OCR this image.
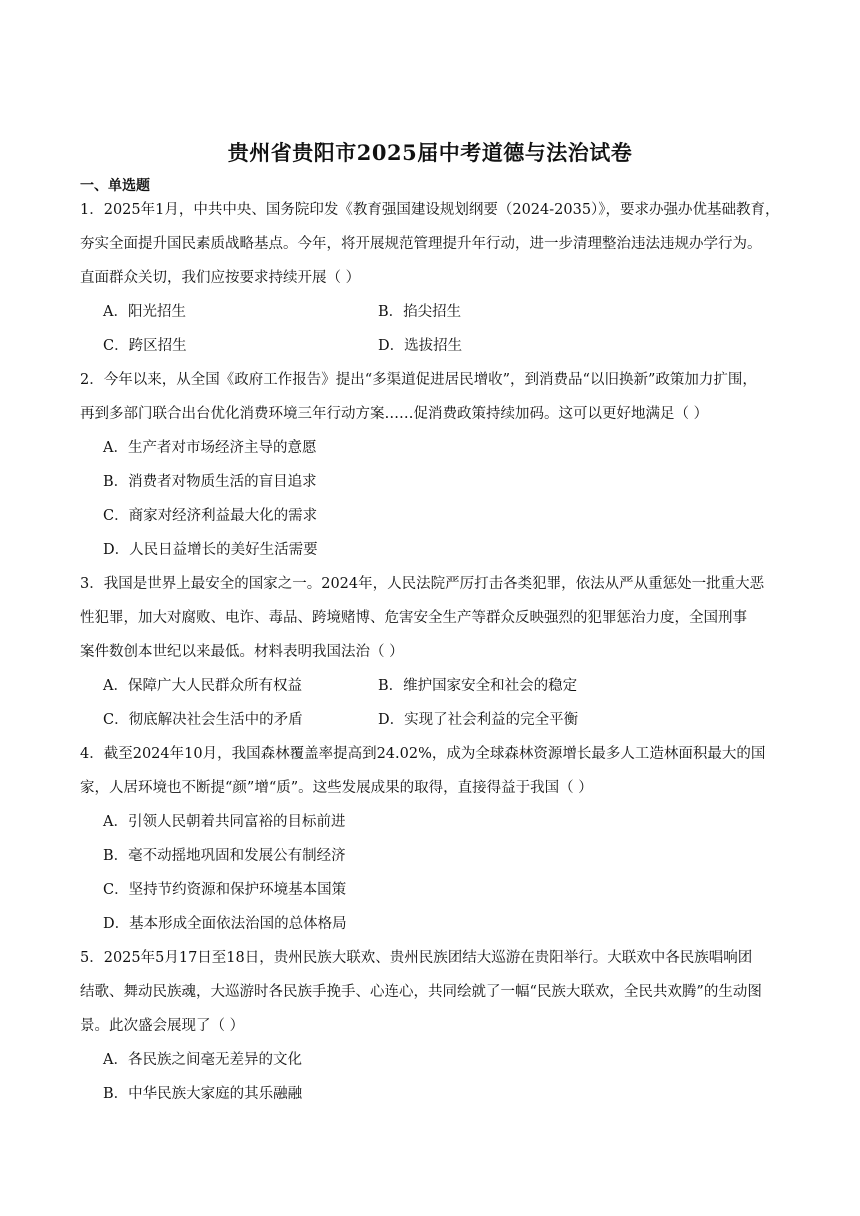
贵州省贵阳市2025届中考道德与法治试卷
一、单选题
1．2025年1月，中共中央、国务院印发《教育强国建设规划纲要（2024-2035）》，要求办强办优基础教育，
夯实全面提升国民素质战略基点。今年，将开展规范管理提升年行动，进一步清理整治违法违规办学行为。
直面群众关切，我们应按要求持续开展（ ）
A．阳光招生	B．掐尖招生
C．跨区招生	D．选拔招生
2．今年以来，从全国《政府工作报告》提出“多渠道促进居民增收”，到消费品“以旧换新”政策加力扩围，
再到多部门联合出台优化消费环境三年行动方案……促消费政策持续加码。这可以更好地满足（ ）
A．生产者对市场经济主导的意愿
B．消费者对物质生活的盲目追求
C．商家对经济利益最大化的需求
D．人民日益增长的美好生活需要
3．我国是世界上最安全的国家之一。2024年，人民法院严厉打击各类犯罪，依法从严从重惩处一批重大恶
性犯罪，加大对腐败、电诈、毒品、跨境赌博、危害安全生产等群众反映强烈的犯罪惩治力度，全国刑事
案件数创本世纪以来最低。材料表明我国法治（ ）
A．保障广大人民群众所有权益	B．维护国家安全和社会的稳定
C．彻底解决社会生活中的矛盾	D．实现了社会利益的完全平衡
4．截至2024年10月，我国森林覆盖率提高到24.02%，成为全球森林资源增长最多人工造林面积最大的国
家，人居环境也不断提“颜”增“质”。这些发展成果的取得，直接得益于我国（ ）
A．引领人民朝着共同富裕的目标前进
B．毫不动摇地巩固和发展公有制经济
C．坚持节约资源和保护环境基本国策
D．基本形成全面依法治国的总体格局
5．2025年5月17日至18日，贵州民族大联欢、贵州民族团结大巡游在贵阳举行。大联欢中各民族唱响团
结歌、舞动民族魂，大巡游时各民族手挽手、心连心，共同绘就了一幅“民族大联欢，全民共欢腾”的生动图
景。此次盛会展现了（ ）
A．各民族之间毫无差异的文化
B．中华民族大家庭的其乐融融
